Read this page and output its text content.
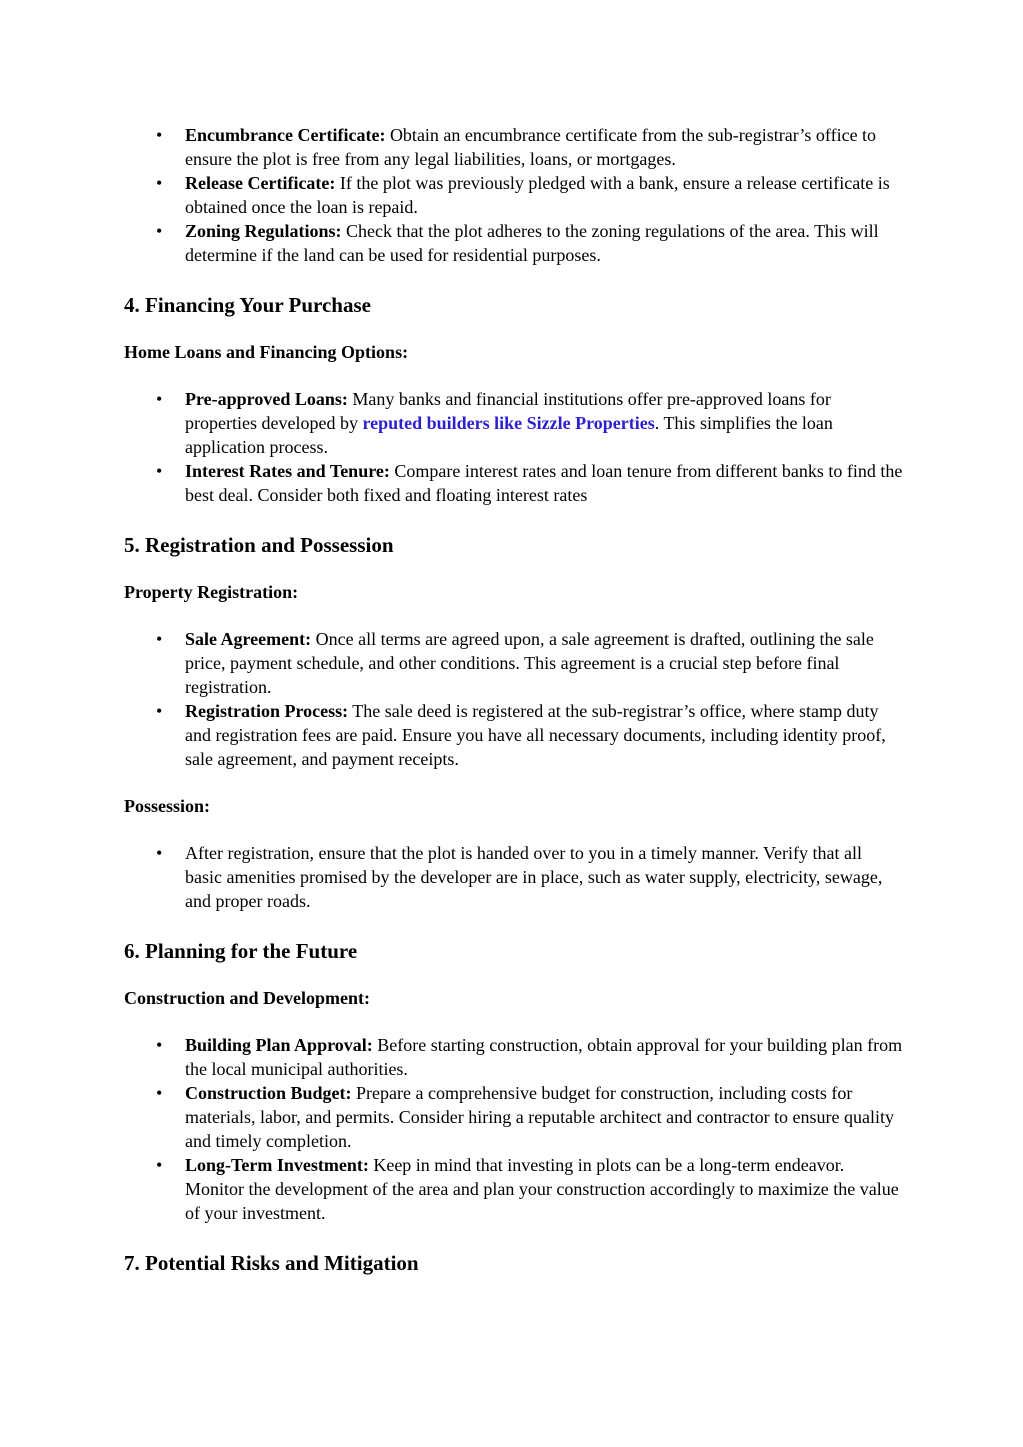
• Encumbrance Certificate: Obtain an encumbrance certificate from the sub-registrar’s office to ensure the plot is free from any legal liabilities, loans, or mortgages.
• Release Certificate: If the plot was previously pledged with a bank, ensure a release certificate is obtained once the loan is repaid.
• Zoning Regulations: Check that the plot adheres to the zoning regulations of the area. This will determine if the land can be used for residential purposes.
4. Financing Your Purchase
Home Loans and Financing Options:
• Pre-approved Loans: Many banks and financial institutions offer pre-approved loans for properties developed by reputed builders like Sizzle Properties. This simplifies the loan application process.
• Interest Rates and Tenure: Compare interest rates and loan tenure from different banks to find the best deal. Consider both fixed and floating interest rates
5. Registration and Possession
Property Registration:
• Sale Agreement: Once all terms are agreed upon, a sale agreement is drafted, outlining the sale price, payment schedule, and other conditions. This agreement is a crucial step before final registration.
• Registration Process: The sale deed is registered at the sub-registrar’s office, where stamp duty and registration fees are paid. Ensure you have all necessary documents, including identity proof, sale agreement, and payment receipts.
Possession:
• After registration, ensure that the plot is handed over to you in a timely manner. Verify that all basic amenities promised by the developer are in place, such as water supply, electricity, sewage, and proper roads.
6. Planning for the Future
Construction and Development:
• Building Plan Approval: Before starting construction, obtain approval for your building plan from the local municipal authorities.
• Construction Budget: Prepare a comprehensive budget for construction, including costs for materials, labor, and permits. Consider hiring a reputable architect and contractor to ensure quality and timely completion.
• Long-Term Investment: Keep in mind that investing in plots can be a long-term endeavor. Monitor the development of the area and plan your construction accordingly to maximize the value of your investment.
7. Potential Risks and Mitigation
